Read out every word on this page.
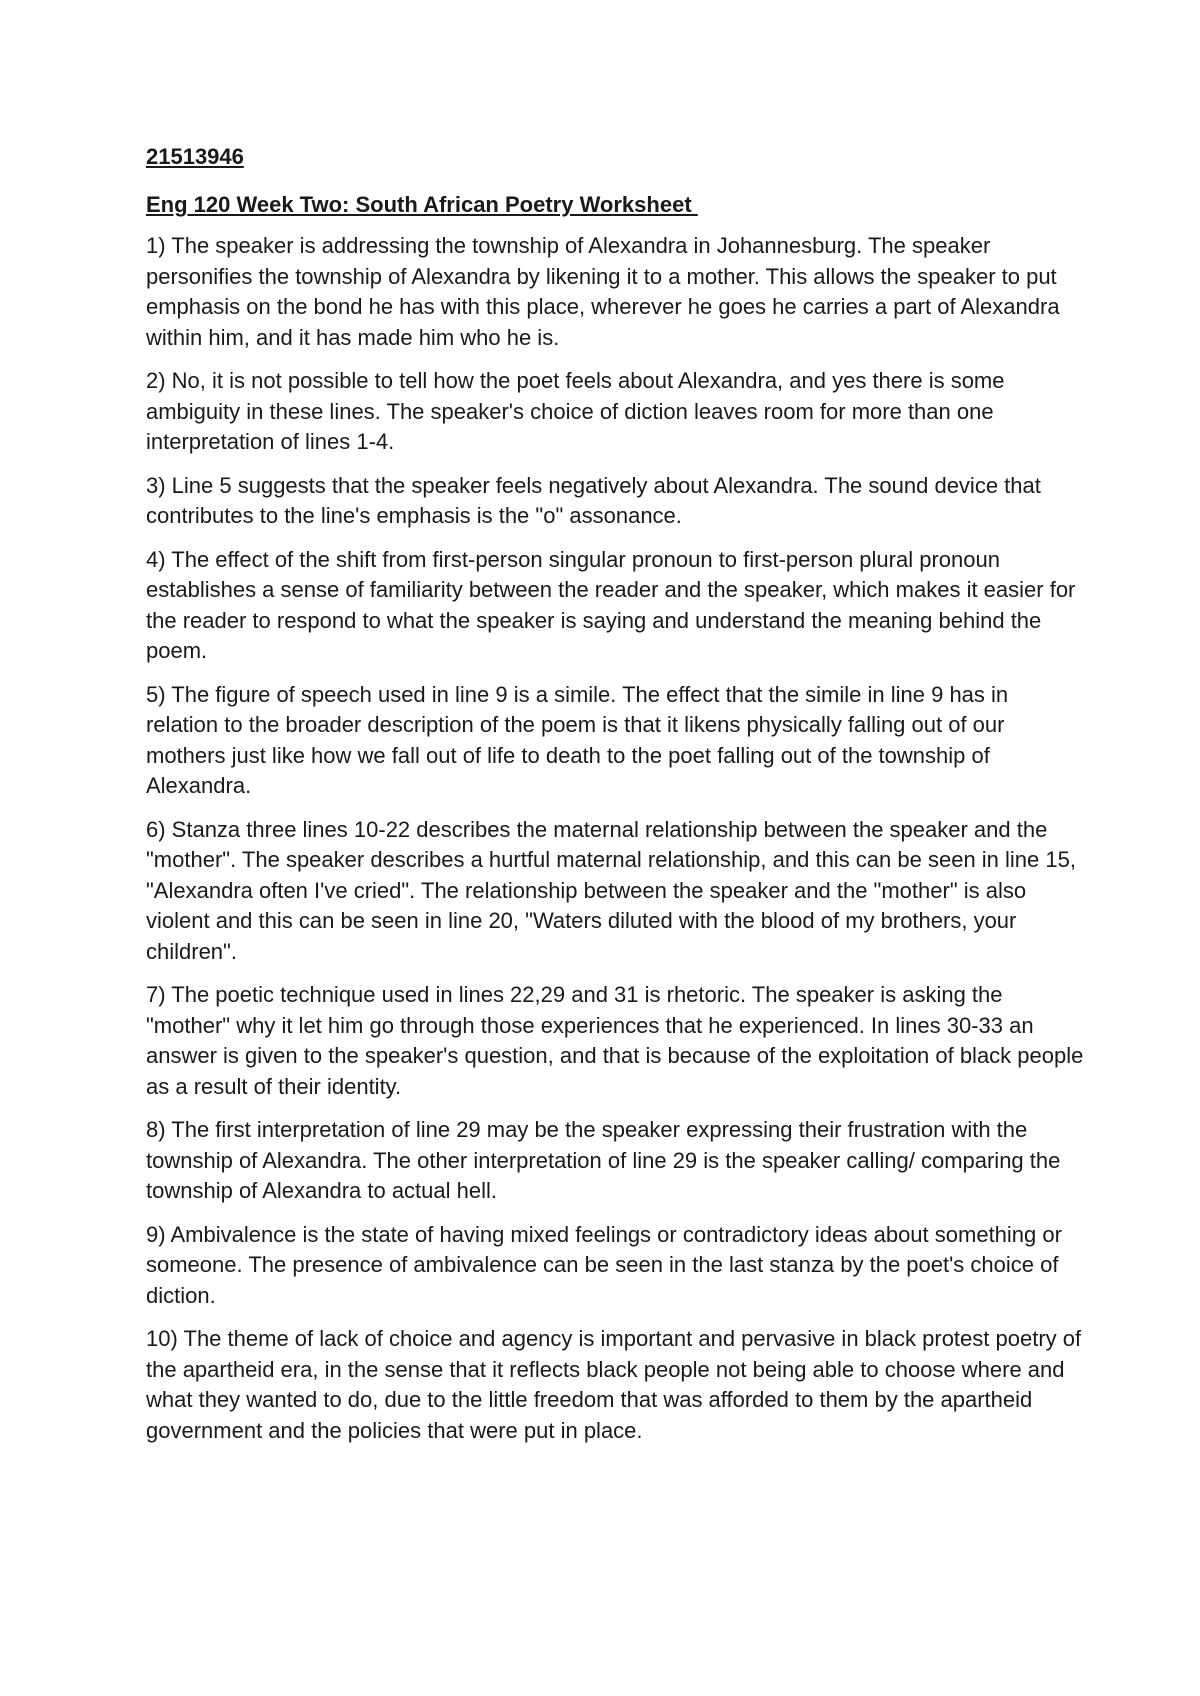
21513946

Eng 120 Week Two: South African Poetry Worksheet

1) The speaker is addressing the township of Alexandra in Johannesburg. The speaker personifies the township of Alexandra by likening it to a mother. This allows the speaker to put emphasis on the bond he has with this place, wherever he goes he carries a part of Alexandra within him, and it has made him who he is.

2) No, it is not possible to tell how the poet feels about Alexandra, and yes there is some ambiguity in these lines. The speaker's choice of diction leaves room for more than one interpretation of lines 1-4.

3) Line 5 suggests that the speaker feels negatively about Alexandra. The sound device that contributes to the line's emphasis is the "o" assonance.

4) The effect of the shift from first-person singular pronoun to first-person plural pronoun establishes a sense of familiarity between the reader and the speaker, which makes it easier for the reader to respond to what the speaker is saying and understand the meaning behind the poem.

5) The figure of speech used in line 9 is a simile. The effect that the simile in line 9 has in relation to the broader description of the poem is that it likens physically falling out of our mothers just like how we fall out of life to death to the poet falling out of the township of Alexandra.

6) Stanza three lines 10-22 describes the maternal relationship between the speaker and the "mother". The speaker describes a hurtful maternal relationship, and this can be seen in line 15, "Alexandra often I've cried". The relationship between the speaker and the "mother" is also violent and this can be seen in line 20, "Waters diluted with the blood of my brothers, your children".

7) The poetic technique used in lines 22,29 and 31 is rhetoric. The speaker is asking the "mother" why it let him go through those experiences that he experienced. In lines 30-33 an answer is given to the speaker's question, and that is because of the exploitation of black people as a result of their identity.

8) The first interpretation of line 29 may be the speaker expressing their frustration with the township of Alexandra. The other interpretation of line 29 is the speaker calling/ comparing the township of Alexandra to actual hell.

9) Ambivalence is the state of having mixed feelings or contradictory ideas about something or someone. The presence of ambivalence can be seen in the last stanza by the poet's choice of diction.

10) The theme of lack of choice and agency is important and pervasive in black protest poetry of the apartheid era, in the sense that it reflects black people not being able to choose where and what they wanted to do, due to the little freedom that was afforded to them by the apartheid government and the policies that were put in place.
